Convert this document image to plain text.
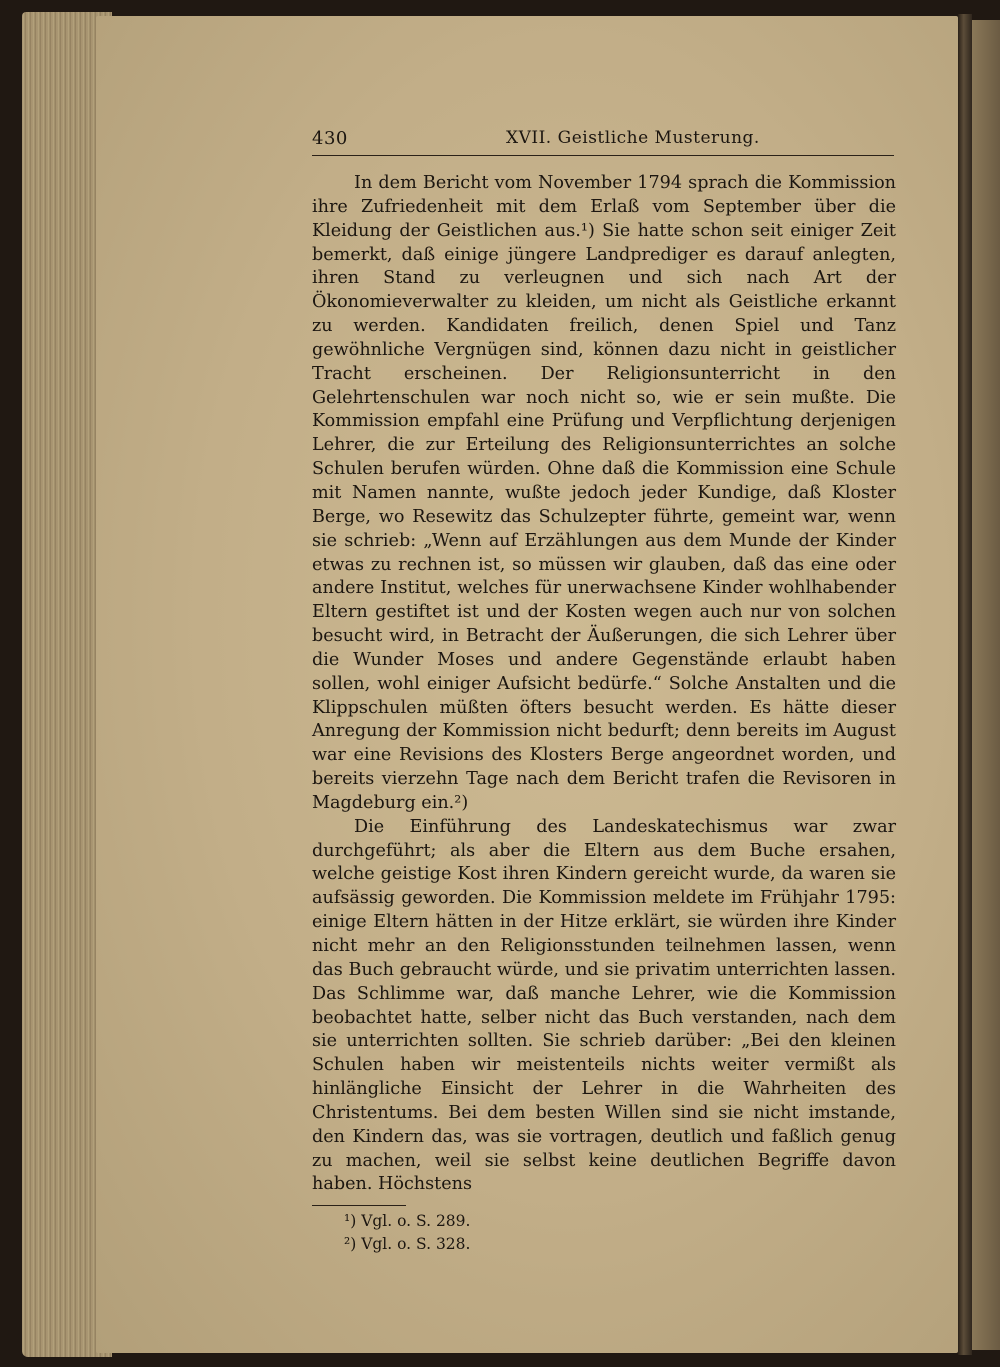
430	XVII. Geistliche Musterung.

In dem Bericht vom November 1794 sprach die Kommission ihre Zufriedenheit mit dem Erlaß vom September über die Kleidung der Geistlichen aus.¹) Sie hatte schon seit einiger Zeit bemerkt, daß einige jüngere Landprediger es darauf anlegten, ihren Stand zu verleugnen und sich nach Art der Ökonomieverwalter zu kleiden, um nicht als Geistliche erkannt zu werden. Kandidaten freilich, denen Spiel und Tanz gewöhnliche Vergnügen sind, können dazu nicht in geistlicher Tracht erscheinen. Der Religionsunterricht in den Gelehrtenschulen war noch nicht so, wie er sein mußte. Die Kommission empfahl eine Prüfung und Verpflichtung derjenigen Lehrer, die zur Erteilung des Religionsunterrichtes an solche Schulen berufen würden. Ohne daß die Kommission eine Schule mit Namen nannte, wußte jedoch jeder Kundige, daß Kloster Berge, wo Resewitz das Schulzepter führte, gemeint war, wenn sie schrieb: „Wenn auf Erzählungen aus dem Munde der Kinder etwas zu rechnen ist, so müssen wir glauben, daß das eine oder andere Institut, welches für unerwachsene Kinder wohlhabender Eltern gestiftet ist und der Kosten wegen auch nur von solchen besucht wird, in Betracht der Äußerungen, die sich Lehrer über die Wunder Moses und andere Gegenstände erlaubt haben sollen, wohl einiger Aufsicht bedürfe.“ Solche Anstalten und die Klippschulen müßten öfters besucht werden. Es hätte dieser Anregung der Kommission nicht bedurft; denn bereits im August war eine Revisions des Klosters Berge angeordnet worden, und bereits vierzehn Tage nach dem Bericht trafen die Revisoren in Magdeburg ein.²)

Die Einführung des Landeskatechismus war zwar durchgeführt; als aber die Eltern aus dem Buche ersahen, welche geistige Kost ihren Kindern gereicht wurde, da waren sie aufsässig geworden. Die Kommission meldete im Frühjahr 1795: einige Eltern hätten in der Hitze erklärt, sie würden ihre Kinder nicht mehr an den Religionsstunden teilnehmen lassen, wenn das Buch gebraucht würde, und sie privatim unterrichten lassen. Das Schlimme war, daß manche Lehrer, wie die Kommission beobachtet hatte, selber nicht das Buch verstanden, nach dem sie unterrichten sollten. Sie schrieb darüber: „Bei den kleinen Schulen haben wir meistenteils nichts weiter vermißt als hinlängliche Einsicht der Lehrer in die Wahrheiten des Christentums. Bei dem besten Willen sind sie nicht imstande, den Kindern das, was sie vortragen, deutlich und faßlich genug zu machen, weil sie selbst keine deutlichen Begriffe davon haben. Höchstens

¹) Vgl. o. S. 289.

²) Vgl. o. S. 328.
